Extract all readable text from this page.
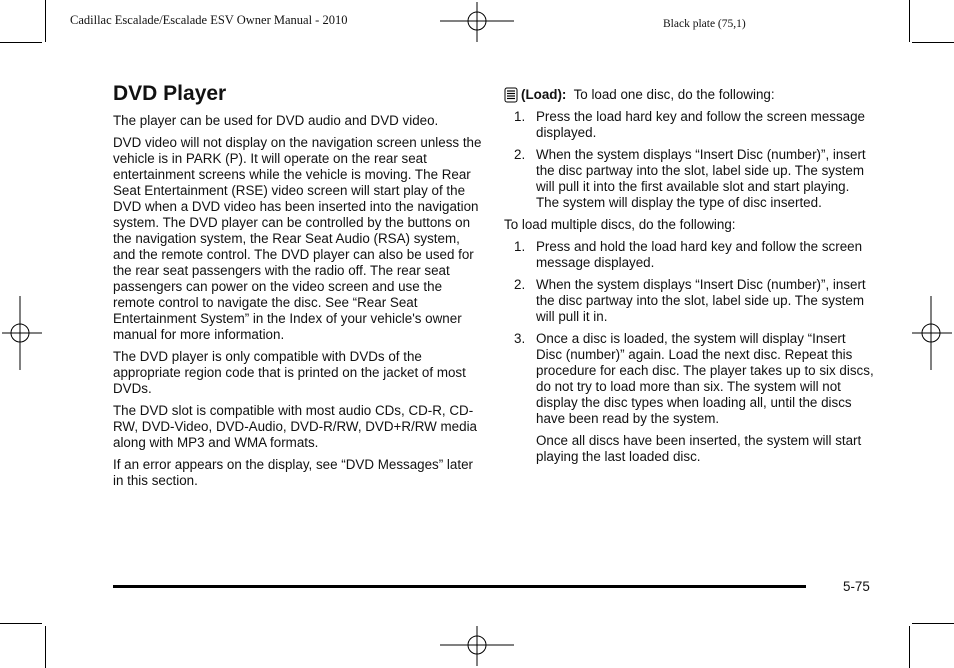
Cadillac Escalade/Escalade ESV Owner Manual - 2010	Black plate (75,1)
DVD Player

The player can be used for DVD audio and DVD video.

DVD video will not display on the navigation screen unless the vehicle is in PARK (P). It will operate on the rear seat entertainment screens while the vehicle is moving. The Rear Seat Entertainment (RSE) video screen will start play of the DVD when a DVD video has been inserted into the navigation system. The DVD player can be controlled by the buttons on the navigation system, the Rear Seat Audio (RSA) system, and the remote control. The DVD player can also be used for the rear seat passengers with the radio off. The rear seat passengers can power on the video screen and use the remote control to navigate the disc. See “Rear Seat Entertainment System” in the Index of your vehicle's owner manual for more information.

The DVD player is only compatible with DVDs of the appropriate region code that is printed on the jacket of most DVDs.

The DVD slot is compatible with most audio CDs, CD-R, CD-RW, DVD-Video, DVD-Audio, DVD-R/RW, DVD+R/RW media along with MP3 and WMA formats.

If an error appears on the display, see “DVD Messages” later in this section.

(Load): To load one disc, do the following:

1. Press the load hard key and follow the screen message displayed.
2. When the system displays “Insert Disc (number)”, insert the disc partway into the slot, label side up. The system will pull it into the first available slot and start playing. The system will display the type of disc inserted.

To load multiple discs, do the following:

1. Press and hold the load hard key and follow the screen message displayed.
2. When the system displays “Insert Disc (number)”, insert the disc partway into the slot, label side up. The system will pull it in.
3. Once a disc is loaded, the system will display “Insert Disc (number)” again. Load the next disc. Repeat this procedure for each disc. The player takes up to six discs, do not try to load more than six. The system will not display the disc types when loading all, until the discs have been read by the system.

Once all discs have been inserted, the system will start playing the last loaded disc.

5-75
